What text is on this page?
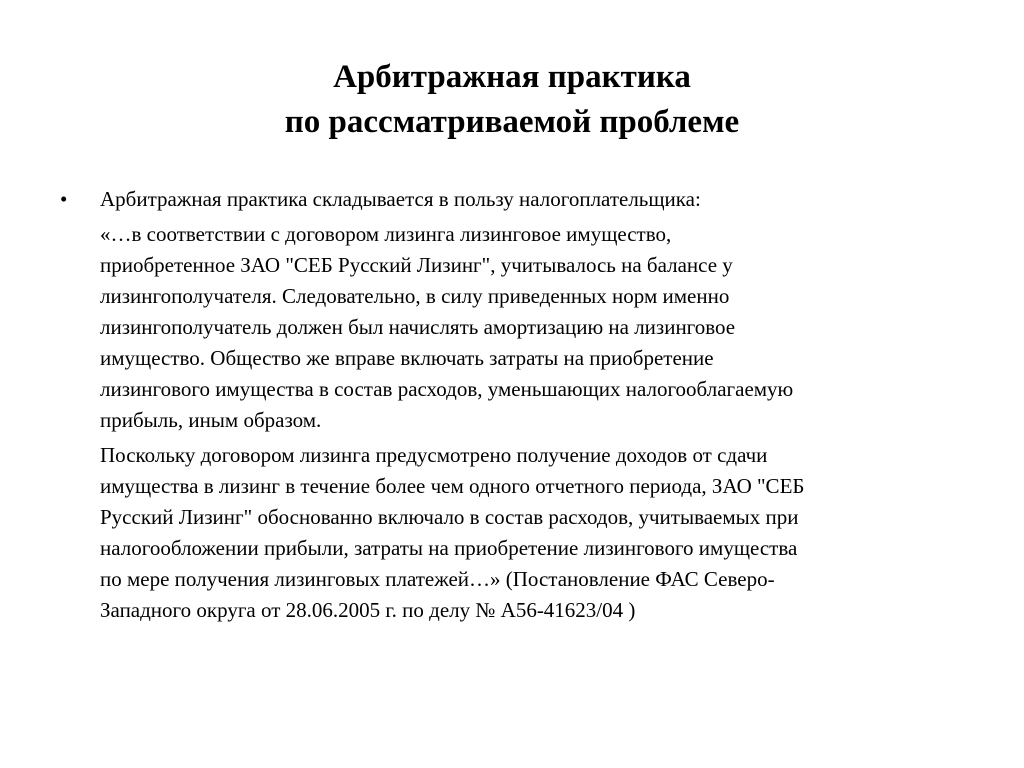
Арбитражная практика
по рассматриваемой проблеме
• Арбитражная практика складывается в пользу налогоплательщика:
«…в соответствии с договором лизинга лизинговое имущество,
приобретенное ЗАО "СЕБ Русский Лизинг", учитывалось на балансе у
лизингополучателя. Следовательно, в силу приведенных норм именно
лизингополучатель должен был начислять амортизацию на лизинговое
имущество. Общество же вправе включать затраты на приобретение
лизингового имущества в состав расходов, уменьшающих налогооблагаемую
прибыль, иным образом.
Поскольку договором лизинга предусмотрено получение доходов от сдачи
имущества в лизинг в течение более чем одного отчетного периода, ЗАО "СЕБ
Русский Лизинг" обоснованно включало в состав расходов, учитываемых при
налогообложении прибыли, затраты на приобретение лизингового имущества
по мере получения лизинговых платежей…» (Постановление ФАС Северо-
Западного округа от 28.06.2005 г. по делу № А56-41623/04 )
